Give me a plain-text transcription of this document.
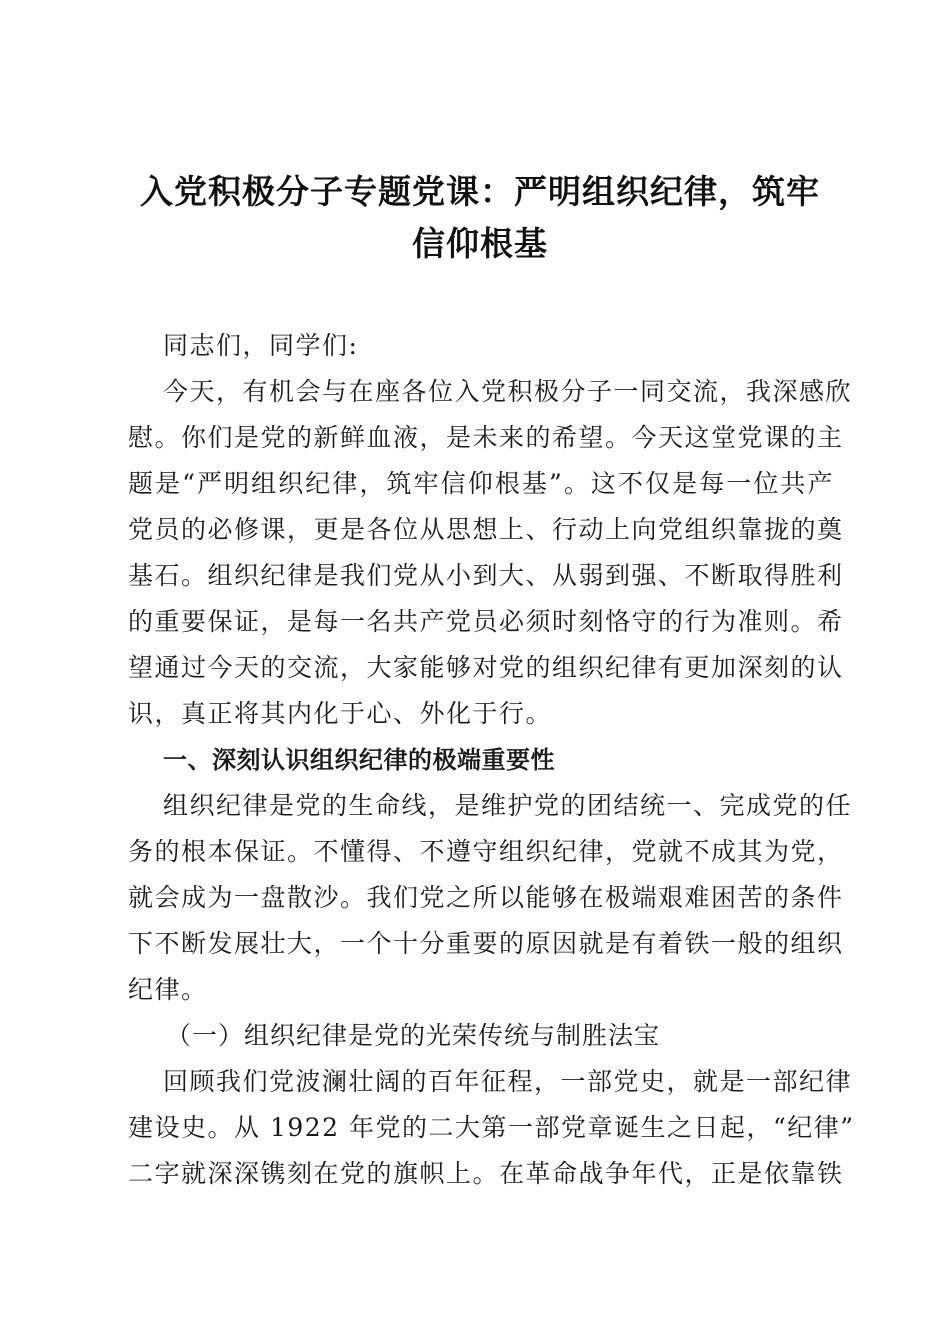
入党积极分子专题党课：严明组织纪律，筑牢
信仰根基
同志们，同学们:
今天，有机会与在座各位入党积极分子一同交流，我深感欣
慰。你们是党的新鲜血液，是未来的希望。今天这堂党课的主
题是“严明组织纪律，筑牢信仰根基”。这不仅是每一位共产
党员的必修课，更是各位从思想上、行动上向党组织靠拢的奠
基石。组织纪律是我们党从小到大、从弱到强、不断取得胜利
的重要保证，是每一名共产党员必须时刻恪守的行为准则。希
望通过今天的交流，大家能够对党的组织纪律有更加深刻的认
识，真正将其内化于心、外化于行。
一、深刻认识组织纪律的极端重要性
组织纪律是党的生命线，是维护党的团结统一、完成党的任
务的根本保证。不懂得、不遵守组织纪律，党就不成其为党，
就会成为一盘散沙。我们党之所以能够在极端艰难困苦的条件
下不断发展壮大，一个十分重要的原因就是有着铁一般的组织
纪律。
（一）组织纪律是党的光荣传统与制胜法宝
回顾我们党波澜壮阔的百年征程，一部党史，就是一部纪律
建设史。从 1922 年党的二大第一部党章诞生之日起，“纪律”
二字就深深镌刻在党的旗帜上。在革命战争年代，正是依靠铁
